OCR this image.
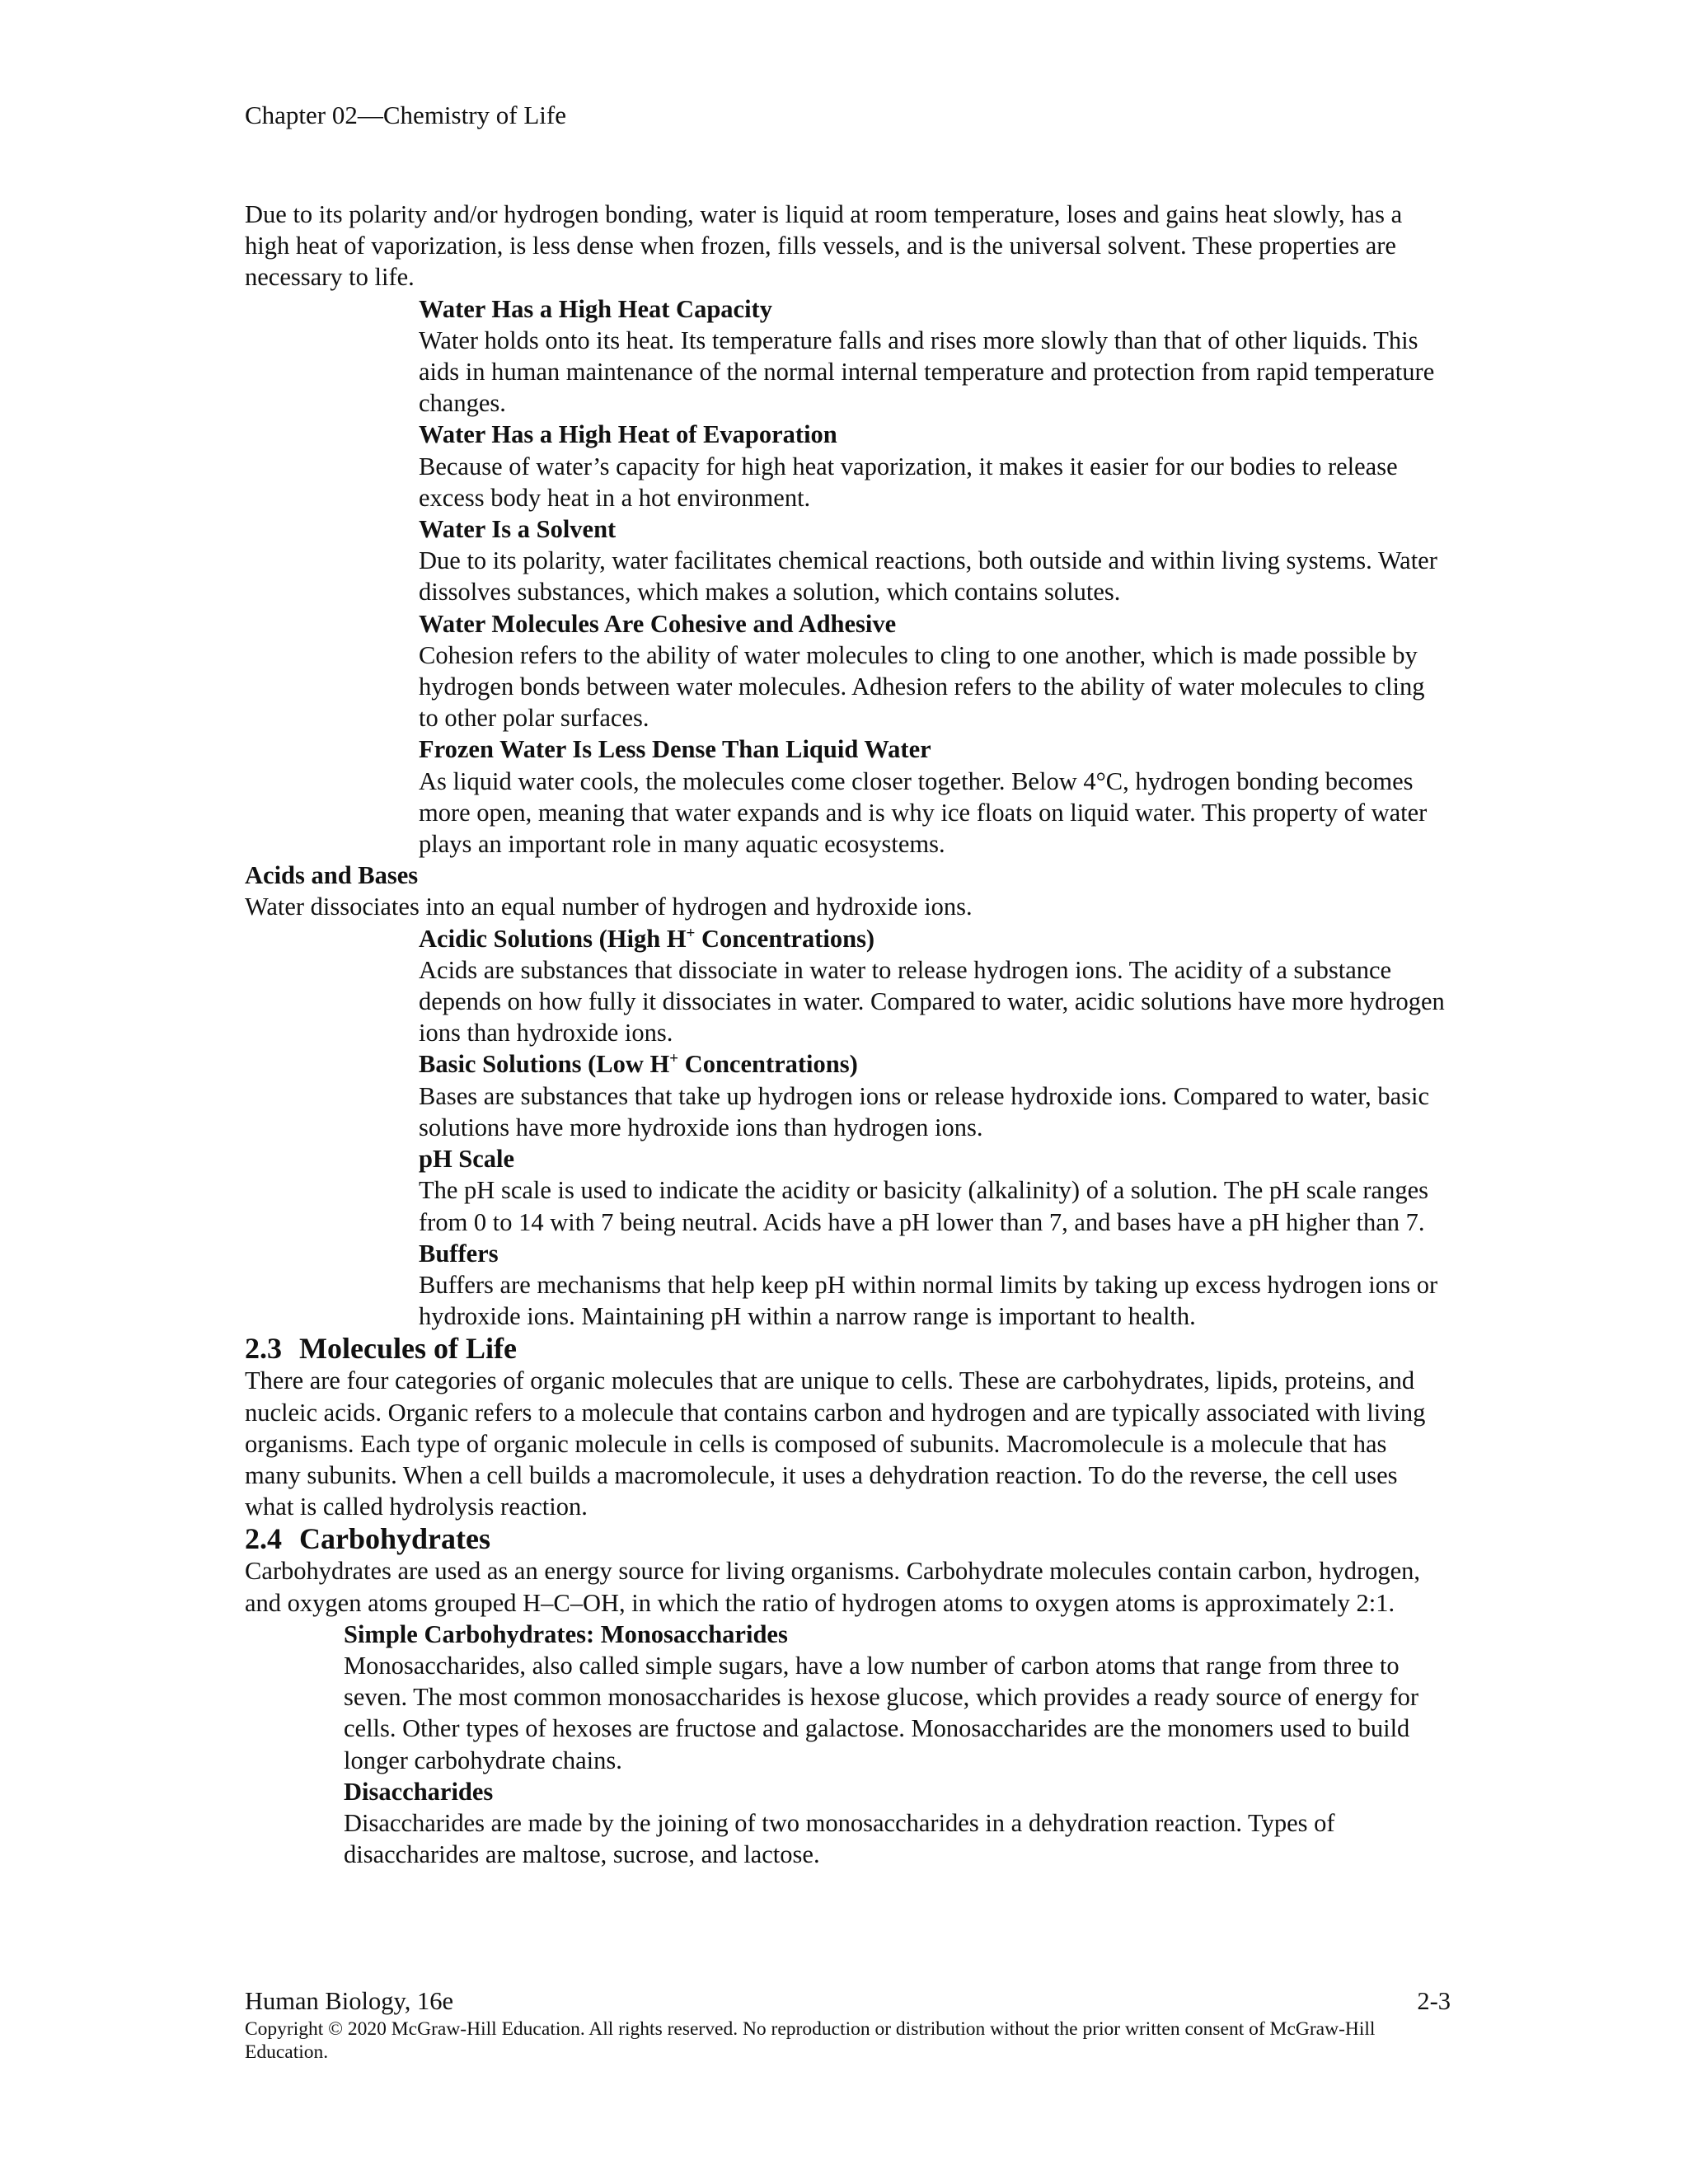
Chapter 02—Chemistry of Life

Due to its polarity and/or hydrogen bonding, water is liquid at room temperature, loses and gains heat slowly, has a high heat of vaporization, is less dense when frozen, fills vessels, and is the universal solvent. These properties are necessary to life.

Water Has a High Heat Capacity

Water holds onto its heat. Its temperature falls and rises more slowly than that of other liquids. This aids in human maintenance of the normal internal temperature and protection from rapid temperature changes.

Water Has a High Heat of Evaporation

Because of water’s capacity for high heat vaporization, it makes it easier for our bodies to release excess body heat in a hot environment.

Water Is a Solvent

Due to its polarity, water facilitates chemical reactions, both outside and within living systems. Water dissolves substances, which makes a solution, which contains solutes.

Water Molecules Are Cohesive and Adhesive

Cohesion refers to the ability of water molecules to cling to one another, which is made possible by hydrogen bonds between water molecules. Adhesion refers to the ability of water molecules to cling to other polar surfaces.

Frozen Water Is Less Dense Than Liquid Water

As liquid water cools, the molecules come closer together. Below 4°C, hydrogen bonding becomes more open, meaning that water expands and is why ice floats on liquid water. This property of water plays an important role in many aquatic ecosystems.

Acids and Bases

Water dissociates into an equal number of hydrogen and hydroxide ions.

Acidic Solutions (High H+ Concentrations)

Acids are substances that dissociate in water to release hydrogen ions. The acidity of a substance depends on how fully it dissociates in water. Compared to water, acidic solutions have more hydrogen ions than hydroxide ions.

Basic Solutions (Low H+ Concentrations)

Bases are substances that take up hydrogen ions or release hydroxide ions. Compared to water, basic solutions have more hydroxide ions than hydrogen ions.

pH Scale

The pH scale is used to indicate the acidity or basicity (alkalinity) of a solution. The pH scale ranges from 0 to 14 with 7 being neutral. Acids have a pH lower than 7, and bases have a pH higher than 7.

Buffers

Buffers are mechanisms that help keep pH within normal limits by taking up excess hydrogen ions or hydroxide ions. Maintaining pH within a narrow range is important to health.

2.3 Molecules of Life

There are four categories of organic molecules that are unique to cells. These are carbohydrates, lipids, proteins, and nucleic acids. Organic refers to a molecule that contains carbon and hydrogen and are typically associated with living organisms. Each type of organic molecule in cells is composed of subunits. Macromolecule is a molecule that has many subunits. When a cell builds a macromolecule, it uses a dehydration reaction. To do the reverse, the cell uses what is called hydrolysis reaction.

2.4 Carbohydrates

Carbohydrates are used as an energy source for living organisms. Carbohydrate molecules contain carbon, hydrogen, and oxygen atoms grouped H–C–OH, in which the ratio of hydrogen atoms to oxygen atoms is approximately 2:1.

Simple Carbohydrates: Monosaccharides

Monosaccharides, also called simple sugars, have a low number of carbon atoms that range from three to seven. The most common monosaccharides is hexose glucose, which provides a ready source of energy for cells. Other types of hexoses are fructose and galactose. Monosaccharides are the monomers used to build longer carbohydrate chains.

Disaccharides

Disaccharides are made by the joining of two monosaccharides in a dehydration reaction. Types of disaccharides are maltose, sucrose, and lactose.

Human Biology, 16e	2-3
Copyright © 2020 McGraw-Hill Education. All rights reserved. No reproduction or distribution without the prior written consent of McGraw-Hill Education.
